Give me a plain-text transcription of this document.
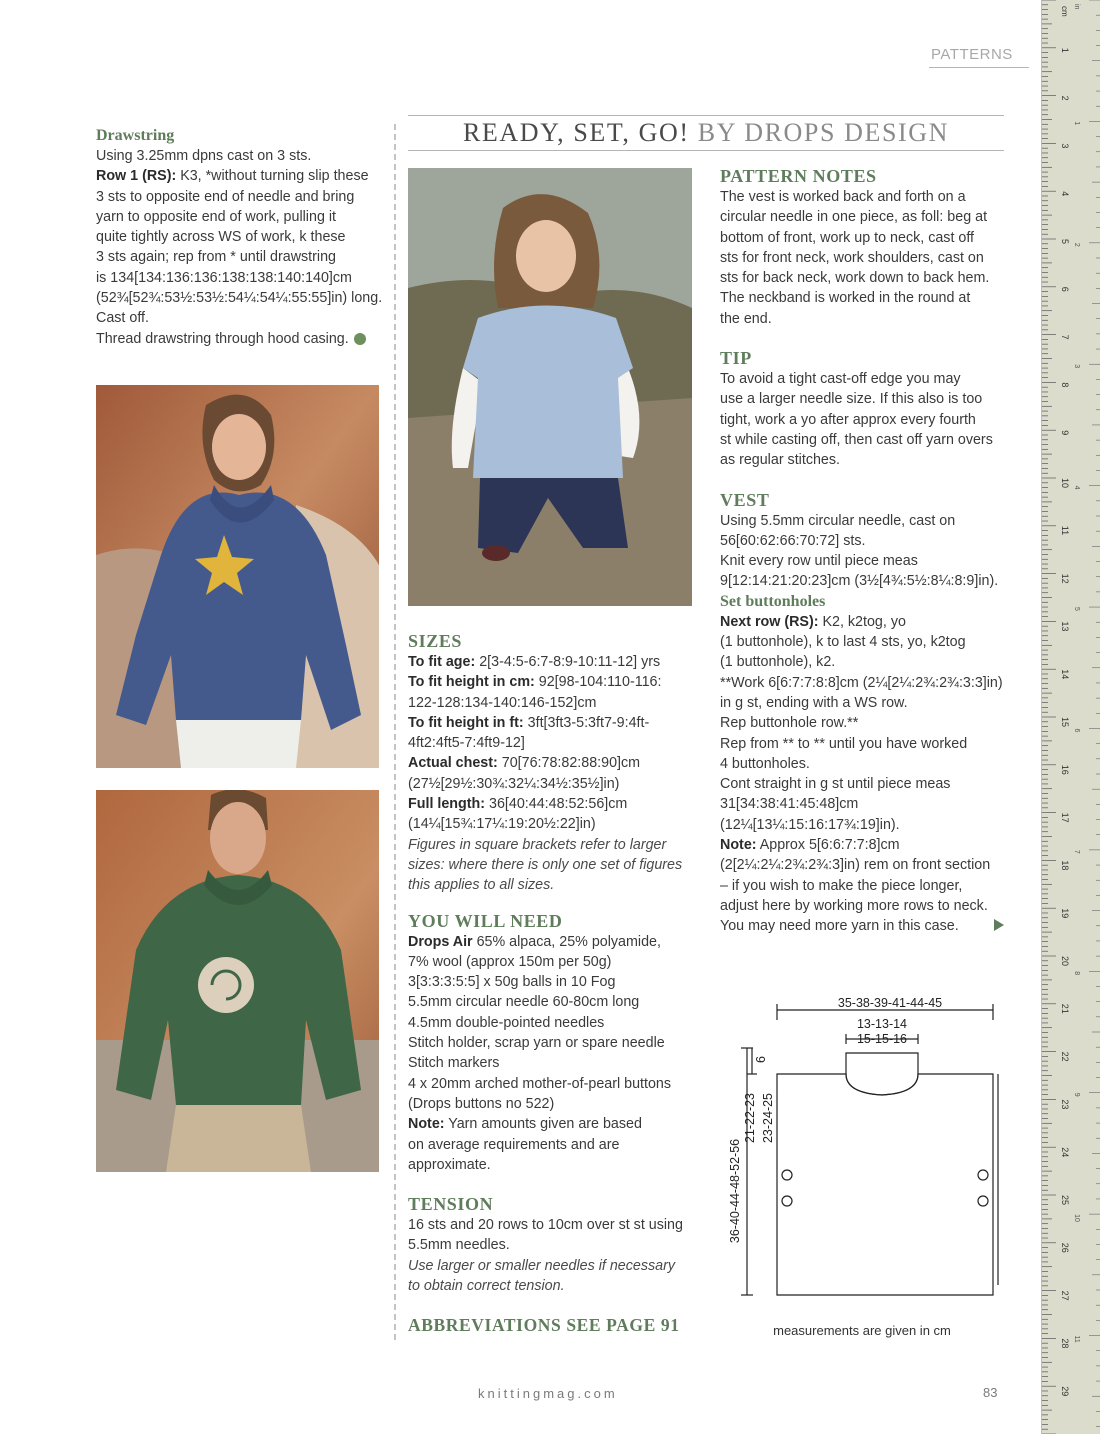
PATTERNS
READY, SET, GO! BY DROPS DESIGN

Drawstring

Using 3.25mm dpns cast on 3 sts.

Row 1 (RS): K3, *without turning slip these

3 sts to opposite end of needle and bring

yarn to opposite end of work, pulling it

quite tightly across WS of work, k these

3 sts again; rep from * until drawstring

is 134[134:136:136:138:138:140:140]cm

(52¾[52¾:53½:53½:54¼:54¼:55:55]in) long.

Cast off.

Thread drawstring through hood casing.

SIZES

To fit age: 2[3-4:5-6:7-8:9-10:11-12] yrs

To fit height in cm: 92[98-104:110-116:

122-128:134-140:146-152]cm

To fit height in ft: 3ft[3ft3-5:3ft7-9:4ft-

4ft2:4ft5-7:4ft9-12]

Actual chest: 70[76:78:82:88:90]cm

(27½[29½:30¾:32¼:34½:35½]in)

Full length: 36[40:44:48:52:56]cm

(14¼[15¾:17¼:19:20½:22]in)

Figures in square brackets refer to larger

sizes: where there is only one set of figures

this applies to all sizes.

YOU WILL NEED

Drops Air 65% alpaca, 25% polyamide,

7% wool (approx 150m per 50g)

3[3:3:3:5:5] x 50g balls in 10 Fog

5.5mm circular needle 60-80cm long

4.5mm double-pointed needles

Stitch holder, scrap yarn or spare needle

Stitch markers

4 x 20mm arched mother-of-pearl buttons

(Drops buttons no 522)

Note: Yarn amounts given are based

on average requirements and are

approximate.

TENSION

16 sts and 20 rows to 10cm over st st using

5.5mm needles.

Use larger or smaller needles if necessary

to obtain correct tension.

ABBREVIATIONS SEE PAGE 91

PATTERN NOTES

The vest is worked back and forth on a

circular needle in one piece, as foll: beg at

bottom of front, work up to neck, cast off

sts for front neck, work shoulders, cast on

sts for back neck, work down to back hem.

The neckband is worked in the round at

the end.

TIP

To avoid a tight cast-off edge you may

use a larger needle size. If this also is too

tight, work a yo after approx every fourth

st while casting off, then cast off yarn overs

as regular stitches.

VEST

Using 5.5mm circular needle, cast on

56[60:62:66:70:72] sts.

Knit every row until piece meas

9[12:14:21:20:23]cm (3½[4¾:5½:8¼:8:9]in).

Set buttonholes

Next row (RS): K2, k2tog, yo

(1 buttonhole), k to last 4 sts, yo, k2tog

(1 buttonhole), k2.

**Work 6[6:7:7:8:8]cm (2¼[2¼:2¾:2¾:3:3]in)

in g st, ending with a WS row.

Rep buttonhole row.**

Rep from ** to ** until you have worked

4 buttonholes.

Cont straight in g st until piece meas

31[34:38:41:45:48]cm

(12¼[13¼:15:16:17¾:19]in).

Note: Approx 5[6:6:7:7:8]cm

(2[2¼:2¼:2¾:2¾:3]in) rem on front section

– if you wish to make the piece longer,

adjust here by working more rows to neck.

You may need more yarn in this case.

35-38-39-41-44-45
13-13-14
15-15-16
6
21-22-23 23-24-25
36-40-44-48-52-56
measurements are given in cm
1
2
3
4
5
6
7
8
9
10
11
12
13
14
15
16
17
18
19
20
21
22
23
24
25
26
27
28
29
1
2
3
4
5
6
7
8
9
10
11
cm in
knittingmag.com	83
